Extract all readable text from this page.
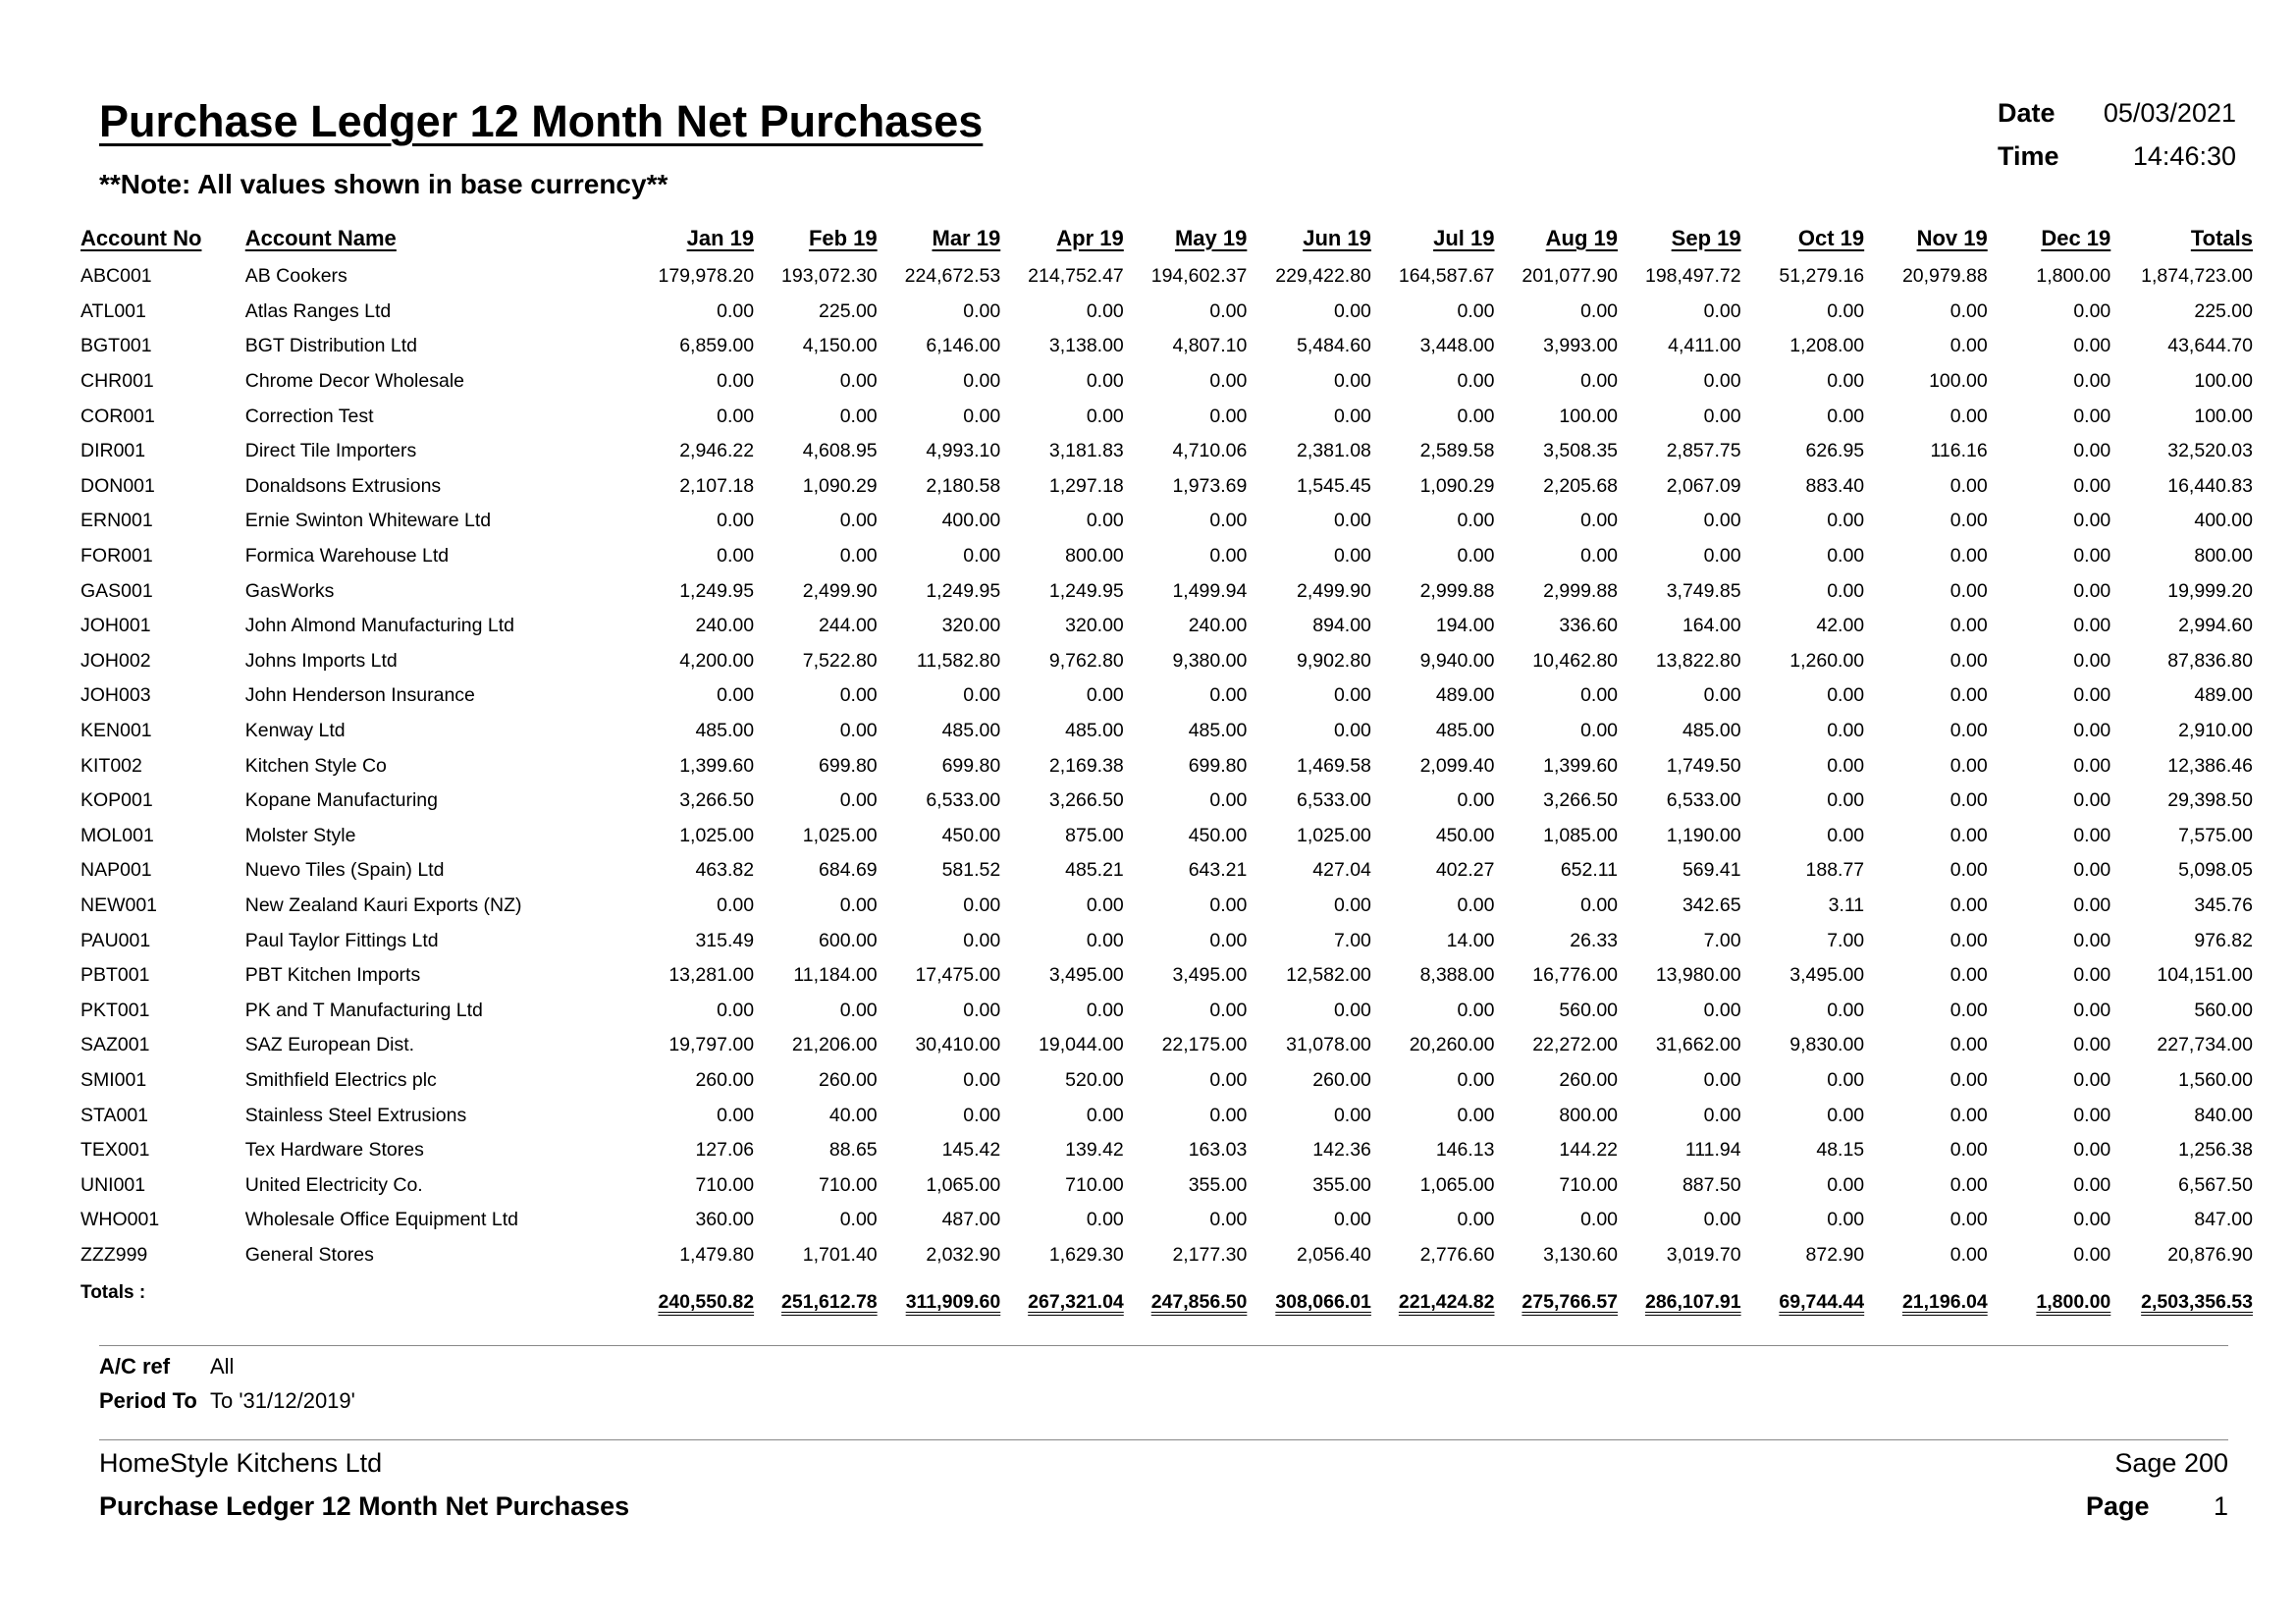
Purchase Ledger 12 Month Net Purchases
**Note: All values shown in base currency**
Date 05/03/2021
Time	14:46:30
Account No	Account Name	Jan 19	Feb 19	Mar 19	Apr 19	May 19	Jun 19	Jul 19	Aug 19	Sep 19	Oct 19	Nov 19	Dec 19	Totals
ABC001	AB Cookers	179,978.20	193,072.30	224,672.53	214,752.47	194,602.37	229,422.80	164,587.67	201,077.90	198,497.72	51,279.16	20,979.88	1,800.00	1,874,723.00
ATL001	Atlas Ranges Ltd	0.00	225.00	0.00	0.00	0.00	0.00	0.00	0.00	0.00	0.00	0.00	0.00	225.00
BGT001	BGT Distribution Ltd	6,859.00	4,150.00	6,146.00	3,138.00	4,807.10	5,484.60	3,448.00	3,993.00	4,411.00	1,208.00	0.00	0.00	43,644.70
CHR001	Chrome Decor Wholesale	0.00	0.00	0.00	0.00	0.00	0.00	0.00	0.00	0.00	0.00	100.00	0.00	100.00
COR001	Correction Test	0.00	0.00	0.00	0.00	0.00	0.00	0.00	100.00	0.00	0.00	0.00	0.00	100.00
DIR001	Direct Tile Importers	2,946.22	4,608.95	4,993.10	3,181.83	4,710.06	2,381.08	2,589.58	3,508.35	2,857.75	626.95	116.16	0.00	32,520.03
DON001	Donaldsons Extrusions	2,107.18	1,090.29	2,180.58	1,297.18	1,973.69	1,545.45	1,090.29	2,205.68	2,067.09	883.40	0.00	0.00	16,440.83
ERN001	Ernie Swinton Whiteware Ltd	0.00	0.00	400.00	0.00	0.00	0.00	0.00	0.00	0.00	0.00	0.00	0.00	400.00
FOR001	Formica Warehouse Ltd	0.00	0.00	0.00	800.00	0.00	0.00	0.00	0.00	0.00	0.00	0.00	0.00	800.00
GAS001	GasWorks	1,249.95	2,499.90	1,249.95	1,249.95	1,499.94	2,499.90	2,999.88	2,999.88	3,749.85	0.00	0.00	0.00	19,999.20
JOH001	John Almond Manufacturing Ltd	240.00	244.00	320.00	320.00	240.00	894.00	194.00	336.60	164.00	42.00	0.00	0.00	2,994.60
JOH002	Johns Imports Ltd	4,200.00	7,522.80	11,582.80	9,762.80	9,380.00	9,902.80	9,940.00	10,462.80	13,822.80	1,260.00	0.00	0.00	87,836.80
JOH003	John Henderson Insurance	0.00	0.00	0.00	0.00	0.00	0.00	489.00	0.00	0.00	0.00	0.00	0.00	489.00
KEN001	Kenway Ltd	485.00	0.00	485.00	485.00	485.00	0.00	485.00	0.00	485.00	0.00	0.00	0.00	2,910.00
KIT002	Kitchen Style Co	1,399.60	699.80	699.80	2,169.38	699.80	1,469.58	2,099.40	1,399.60	1,749.50	0.00	0.00	0.00	12,386.46
KOP001	Kopane Manufacturing	3,266.50	0.00	6,533.00	3,266.50	0.00	6,533.00	0.00	3,266.50	6,533.00	0.00	0.00	0.00	29,398.50
MOL001	Molster Style	1,025.00	1,025.00	450.00	875.00	450.00	1,025.00	450.00	1,085.00	1,190.00	0.00	0.00	0.00	7,575.00
NAP001	Nuevo Tiles (Spain) Ltd	463.82	684.69	581.52	485.21	643.21	427.04	402.27	652.11	569.41	188.77	0.00	0.00	5,098.05
NEW001	New Zealand Kauri Exports (NZ)	0.00	0.00	0.00	0.00	0.00	0.00	0.00	0.00	342.65	3.11	0.00	0.00	345.76
PAU001	Paul Taylor Fittings Ltd	315.49	600.00	0.00	0.00	0.00	7.00	14.00	26.33	7.00	7.00	0.00	0.00	976.82
PBT001	PBT Kitchen Imports	13,281.00	11,184.00	17,475.00	3,495.00	3,495.00	12,582.00	8,388.00	16,776.00	13,980.00	3,495.00	0.00	0.00	104,151.00
PKT001	PK and T Manufacturing Ltd	0.00	0.00	0.00	0.00	0.00	0.00	0.00	560.00	0.00	0.00	0.00	0.00	560.00
SAZ001	SAZ European Dist.	19,797.00	21,206.00	30,410.00	19,044.00	22,175.00	31,078.00	20,260.00	22,272.00	31,662.00	9,830.00	0.00	0.00	227,734.00
SMI001	Smithfield Electrics plc	260.00	260.00	0.00	520.00	0.00	260.00	0.00	260.00	0.00	0.00	0.00	0.00	1,560.00
STA001	Stainless Steel Extrusions	0.00	40.00	0.00	0.00	0.00	0.00	0.00	800.00	0.00	0.00	0.00	0.00	840.00
TEX001	Tex Hardware Stores	127.06	88.65	145.42	139.42	163.03	142.36	146.13	144.22	111.94	48.15	0.00	0.00	1,256.38
UNI001	United Electricity Co.	710.00	710.00	1,065.00	710.00	355.00	355.00	1,065.00	710.00	887.50	0.00	0.00	0.00	6,567.50
WHO001	Wholesale Office Equipment Ltd	360.00	0.00	487.00	0.00	0.00	0.00	0.00	0.00	0.00	0.00	0.00	0.00	847.00
ZZZ999	General Stores	1,479.80	1,701.40	2,032.90	1,629.30	2,177.30	2,056.40	2,776.60	3,130.60	3,019.70	872.90	0.00	0.00	20,876.90
Totals :		240,550.82	251,612.78	311,909.60	267,321.04	247,856.50	308,066.01	221,424.82	275,766.57	286,107.91	69,744.44	21,196.04	1,800.00	2,503,356.53
A/C ref All
Period To To '31/12/2019'
HomeStyle Kitchens Ltd	Sage 200
Purchase Ledger 12 Month Net Purchases	Page 1
